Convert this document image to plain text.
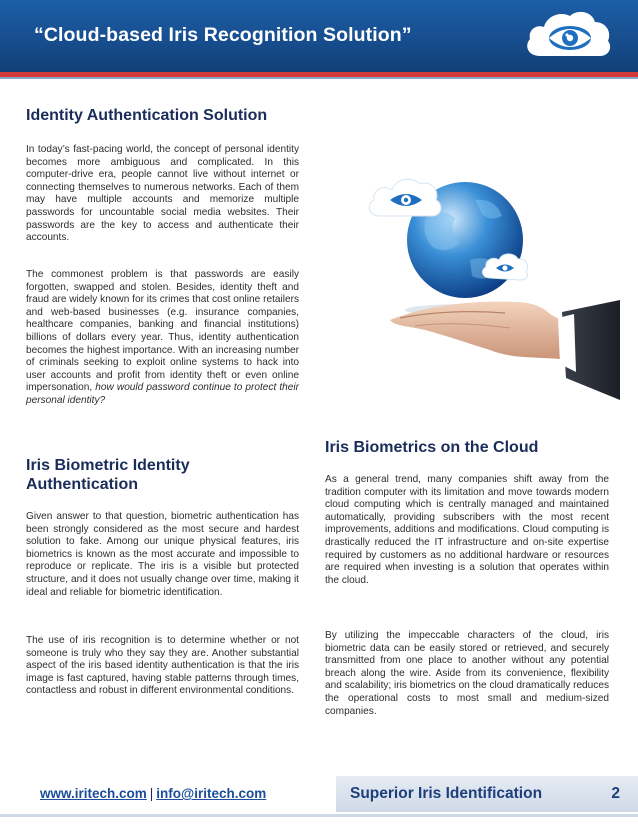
“Cloud-based Iris Recognition Solution”
Identity Authentication Solution

In today’s fast-pacing world, the concept of personal identity becomes more ambiguous and complicated. In this computer-drive era, people cannot live without internet or connecting themselves to numerous networks. Each of them may have multiple accounts and memorize multiple passwords for uncountable social media websites. Their passwords are the key to access and authenticate their accounts.

The commonest problem is that passwords are easily forgotten, swapped and stolen. Besides, identity theft and fraud are widely known for its crimes that cost online retailers and web-based businesses (e.g. insurance companies, healthcare companies, banking and financial institutions) billions of dollars every year. Thus, identity authentication becomes the highest importance. With an increasing number of criminals seeking to exploit online systems to hack into user accounts and profit from identity theft or even online impersonation, how would password continue to protect their personal identity?

Iris Biometric Identity
Authentication

Given answer to that question, biometric authentication has been strongly considered as the most secure and hardest solution to fake. Among our unique physical features, iris biometrics is known as the most accurate and impossible to reproduce or replicate. The iris is a visible but protected structure, and it does not usually change over time, making it ideal and reliable for biometric identification.

The use of iris recognition is to determine whether or not someone is truly who they say they are. Another substantial aspect of the iris based identity authentication is that the iris image is fast captured, having stable patterns through times, contactless and robust in different environmental conditions.

Iris Biometrics on the Cloud

As a general trend, many companies shift away from the tradition computer with its limitation and move towards modern cloud computing which is centrally managed and maintained automatically, providing subscribers with the most recent improvements, additions and modifications. Cloud computing is drastically reduced the IT infrastructure and on-site expertise required by customers as no additional hardware or resources are required when investing is a solution that operates within the cloud.

By utilizing the impeccable characters of the cloud, iris biometric data can be easily stored or retrieved, and securely transmitted from one place to another without any potential breach along the wire. Aside from its convenience, flexibility and scalability; iris biometrics on the cloud dramatically reduces the operational costs to most small and medium-sized companies.

www.iritech.com | info@iritech.com	Superior Iris Identification	2
